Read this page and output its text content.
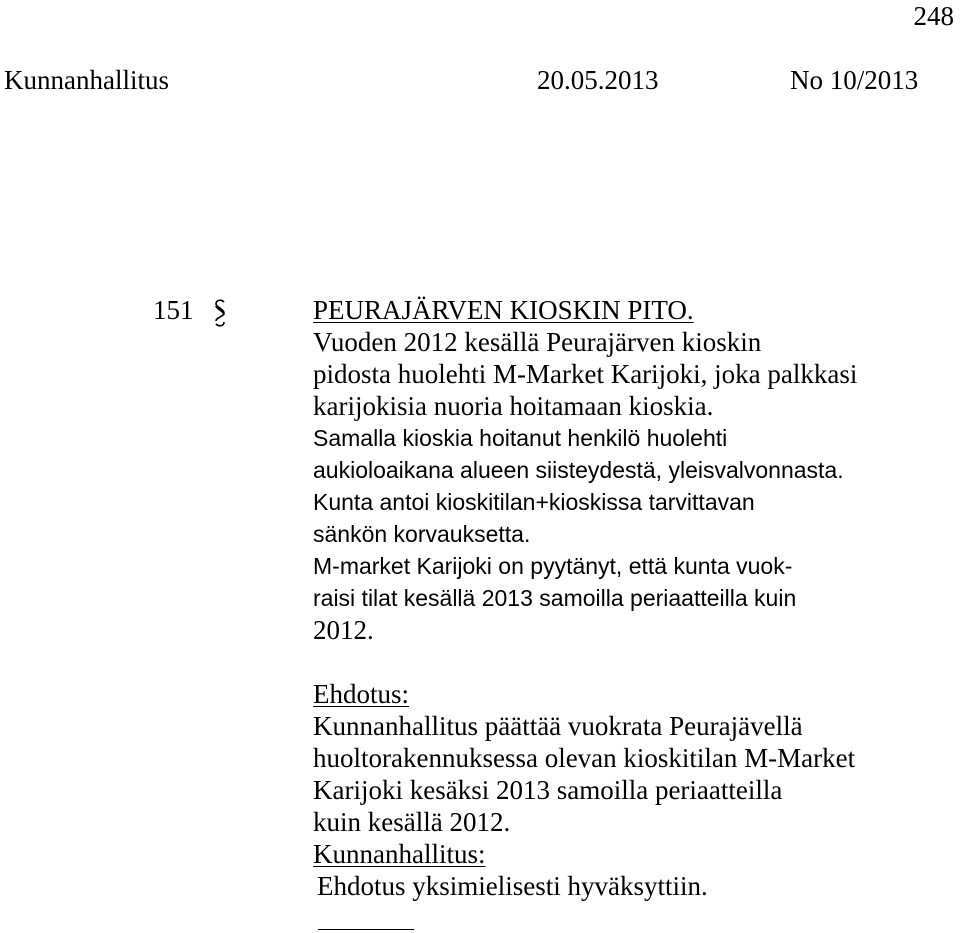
248
Kunnanhallitus	20.05.2013	No 10/2013
151	PEURAJÄRVEN KIOSKIN PITO.
Vuoden 2012 kesällä Peurajärven kioskin
pidosta huolehti M-Market Karijoki, joka palkkasi
karijokisia nuoria hoitamaan kioskia.
Samalla kioskia hoitanut henkilö huolehti
aukioloaikana alueen siisteydestä, yleisvalvonnasta.
Kunta antoi kioskitilan+kioskissa tarvittavan
sänkön korvauksetta.
M-market Karijoki on pyytänyt, että kunta vuok-
raisi tilat kesällä 2013 samoilla periaatteilla kuin
2012.
Ehdotus:
Kunnanhallitus päättää vuokrata Peurajävellä
huoltorakennuksessa olevan kioskitilan M-Market
Karijoki kesäksi 2013 samoilla periaatteilla
kuin kesällä 2012.
Kunnanhallitus:
Ehdotus yksimielisesti hyväksyttiin.
